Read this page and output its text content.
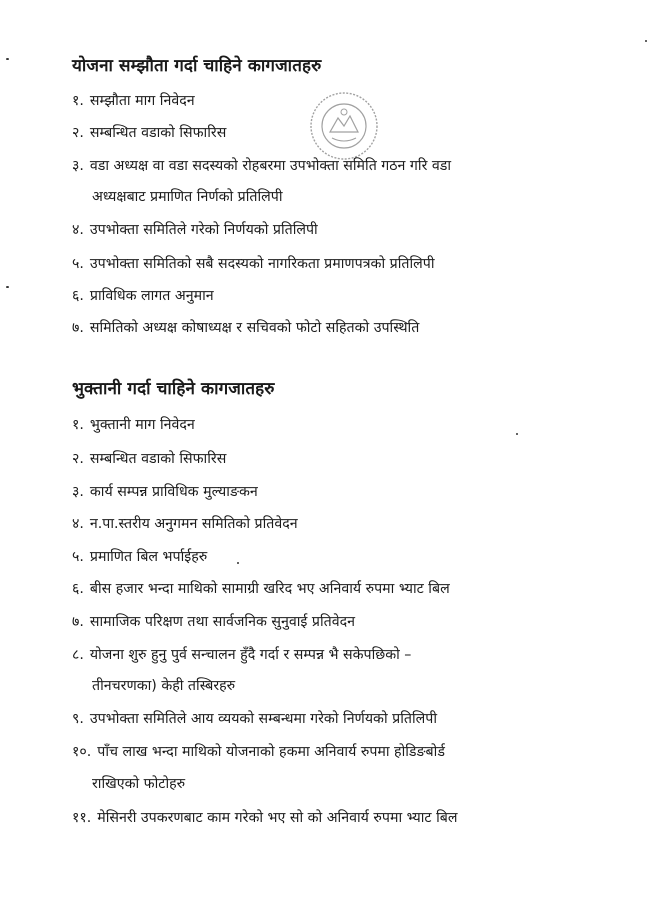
योजना सम्झौता गर्दा चाहिने कागजातहरु
१. सम्झौता माग निवेदन
२. सम्बन्धित वडाको सिफारिस
३. वडा अध्यक्ष वा वडा सदस्यको रोहबरमा उपभोक्ता समिति गठन गरि वडा
अध्यक्षबाट प्रमाणित निर्णको प्रतिलिपी
४. उपभोक्ता समितिले गरेको निर्णयको प्रतिलिपी
५. उपभोक्ता समितिको सबै सदस्यको नागरिकता प्रमाणपत्रको प्रतिलिपी
६. प्राविधिक लागत अनुमान
७. समितिको अध्यक्ष कोषाध्यक्ष र सचिवको फोटो सहितको उपस्थिति
भुक्तानी गर्दा चाहिने कागजातहरु
१. भुक्तानी माग निवेदन
२. सम्बन्धित वडाको सिफारिस
३. कार्य सम्पन्न प्राविधिक मुल्याङकन
४. न.पा.स्तरीय अनुगमन समितिको प्रतिवेदन
५. प्रमाणित बिल भर्पाईहरु
६. बीस हजार भन्दा माथिको सामाग्री खरिद भए अनिवार्य रुपमा भ्याट बिल
७. सामाजिक परिक्षण तथा सार्वजनिक सुनुवाई प्रतिवेदन
८. योजना शुरु हुनु पुर्व सन्चालन हुँदै गर्दा र सम्पन्न भै सकेपछिको –
तीनचरणका) केही तस्बिरहरु
९. उपभोक्ता समितिले आय व्ययको सम्बन्धमा गरेको निर्णयको प्रतिलिपी
१०. पाँच लाख भन्दा माथिको योजनाको हकमा अनिवार्य रुपमा होडिङबोर्ड
राखिएको फोटोहरु
११. मेसिनरी उपकरणबाट काम गरेको भए सो को अनिवार्य रुपमा भ्याट बिल
